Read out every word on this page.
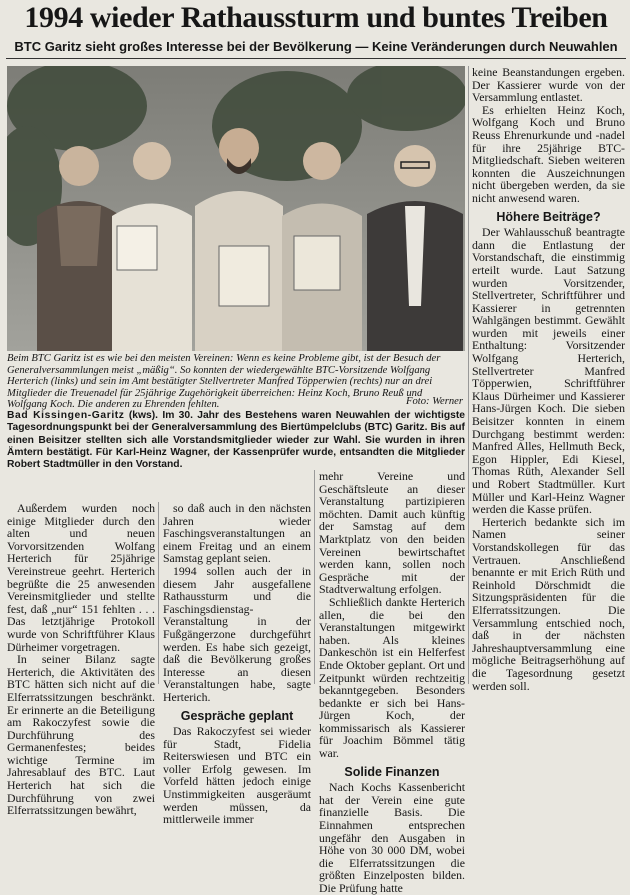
1994 wieder Rathaussturm und buntes Treiben
BTC Garitz sieht großes Interesse bei der Bevölkerung — Keine Veränderungen durch Neuwahlen
Beim BTC Garitz ist es wie bei den meisten Vereinen: Wenn es keine Probleme gibt, ist der Besuch der Generalversammlungen meist „mäßig“. So konnten der wiedergewählte BTC-Vorsitzende Wolfgang Herterich (links) und sein im Amt bestätigter Stellvertreter Manfred Töpperwien (rechts) nur an drei Mitglieder die Treuenadel für 25jährige Zugehörigkeit überreichen: Heinz Koch, Bruno Reuß und Wolfgang Koch. Die anderen zu Ehrenden fehlten.	Foto: Werner
Bad Kissingen-Garitz (kws). Im 30. Jahr des Bestehens waren Neuwahlen der wichtigste Tagesordnungspunkt bei der Generalversammlung des Biertümpelclubs (BTC) Garitz. Bis auf einen Beisitzer stellten sich alle Vorstandsmitglieder wieder zur Wahl. Sie wurden in ihren Ämtern bestätigt. Für Karl-Heinz Wagner, der Kassenprüfer wurde, entsandten die Mitglieder Robert Stadtmüller in den Vorstand.

Außerdem wurden noch einige Mitglieder durch den alten und neuen Vorvorsitzenden Wolfang Herterich für 25jährige Vereinstreue geehrt. Herterich begrüßte die 25 anwesenden Vereinsmitglieder und stellte fest, daß „nur“ 151 fehlten . . . Das letztjährige Protokoll wurde von Schriftführer Klaus Dürheimer vorgetragen.

In seiner Bilanz sagte Herterich, die Aktivitäten des BTC hätten sich nicht auf die Elferratssitzungen beschränkt. Er erinnerte an die Beteiligung am Rakoczyfest sowie die Durchführung des Germanenfestes; beides wichtige Termine im Jahresablauf des BTC. Laut Herterich hat sich die Durchführung von zwei Elferratssitzungen bewährt,

so daß auch in den nächsten Jahren wieder Faschingsveranstaltungen an einem Freitag und an einem Samstag geplant seien.

1994 sollen auch der in diesem Jahr ausgefallene Rathaussturm und die Faschingsdienstag-Veranstaltung in der Fußgängerzone durchgeführt werden. Es habe sich gezeigt, daß die Bevölkerung großes Interesse an diesen Veranstaltungen habe, sagte Herterich.

Gespräche geplant

Das Rakoczyfest sei wieder für Stadt, Fidelia Reiterswiesen und BTC ein voller Erfolg gewesen. Im Vorfeld hätten jedoch einige Unstimmigkeiten ausgeräumt werden müssen, da mittlerweile immer

mehr Vereine und Geschäftsleute an dieser Veranstaltung partizipieren möchten. Damit auch künftig der Samstag auf dem Marktplatz von den beiden Vereinen bewirtschaftet werden kann, sollen noch Gespräche mit der Stadtverwaltung erfolgen.

Schließlich dankte Herterich allen, die bei den Veranstaltungen mitgewirkt haben. Als kleines Dankeschön ist ein Helferfest Ende Oktober geplant. Ort und Zeitpunkt würden rechtzeitig bekanntgegeben. Besonders bedankte er sich bei Hans-Jürgen Koch, der kommissarisch als Kassierer für Joachim Bömmel tätig war.

Solide Finanzen

Nach Kochs Kassenbericht hat der Verein eine gute finanzielle Basis. Die Einnahmen entsprechen ungefähr den Ausgaben in Höhe von 30 000 DM, wobei die Elferratssitzungen die größten Einzelposten bilden. Die Prüfung hatte

keine Beanstandungen ergeben. Der Kassierer wurde von der Versammlung entlastet.

Es erhielten Heinz Koch, Wolfgang Koch und Bruno Reuss Ehrenurkunde und -nadel für ihre 25jährige BTC-Mitgliedschaft. Sieben weiteren konnten die Auszeichnungen nicht übergeben werden, da sie nicht anwesend waren.

Höhere Beiträge?

Der Wahlausschuß beantragte dann die Entlastung der Vorstandschaft, die einstimmig erteilt wurde. Laut Satzung wurden Vorsitzender, Stellvertreter, Schriftführer und Kassierer in getrennten Wahlgängen bestimmt. Gewählt wurden mit jeweils einer Enthaltung: Vorsitzender Wolfgang Herterich, Stellvertreter Manfred Töpperwien, Schriftführer Klaus Dürheimer und Kassierer Hans-Jürgen Koch. Die sieben Beisitzer konnten in einem Durchgang bestimmt werden: Manfred Alles, Hellmuth Beck, Egon Hippler, Edi Kiesel, Thomas Rüth, Alexander Sell und Robert Stadtmüller. Kurt Müller und Karl-Heinz Wagner werden die Kasse prüfen.

Herterich bedankte sich im Namen seiner Vorstandskollegen für das Vertrauen. Anschließend benannte er mit Erich Rüth und Reinhold Dörschmidt die Sitzungspräsidenten für die Elferratssitzungen. Die Versammlung entschied noch, daß in der nächsten Jahreshauptversammlung eine mögliche Beitragserhöhung auf die Tagesordnung gesetzt werden soll.
